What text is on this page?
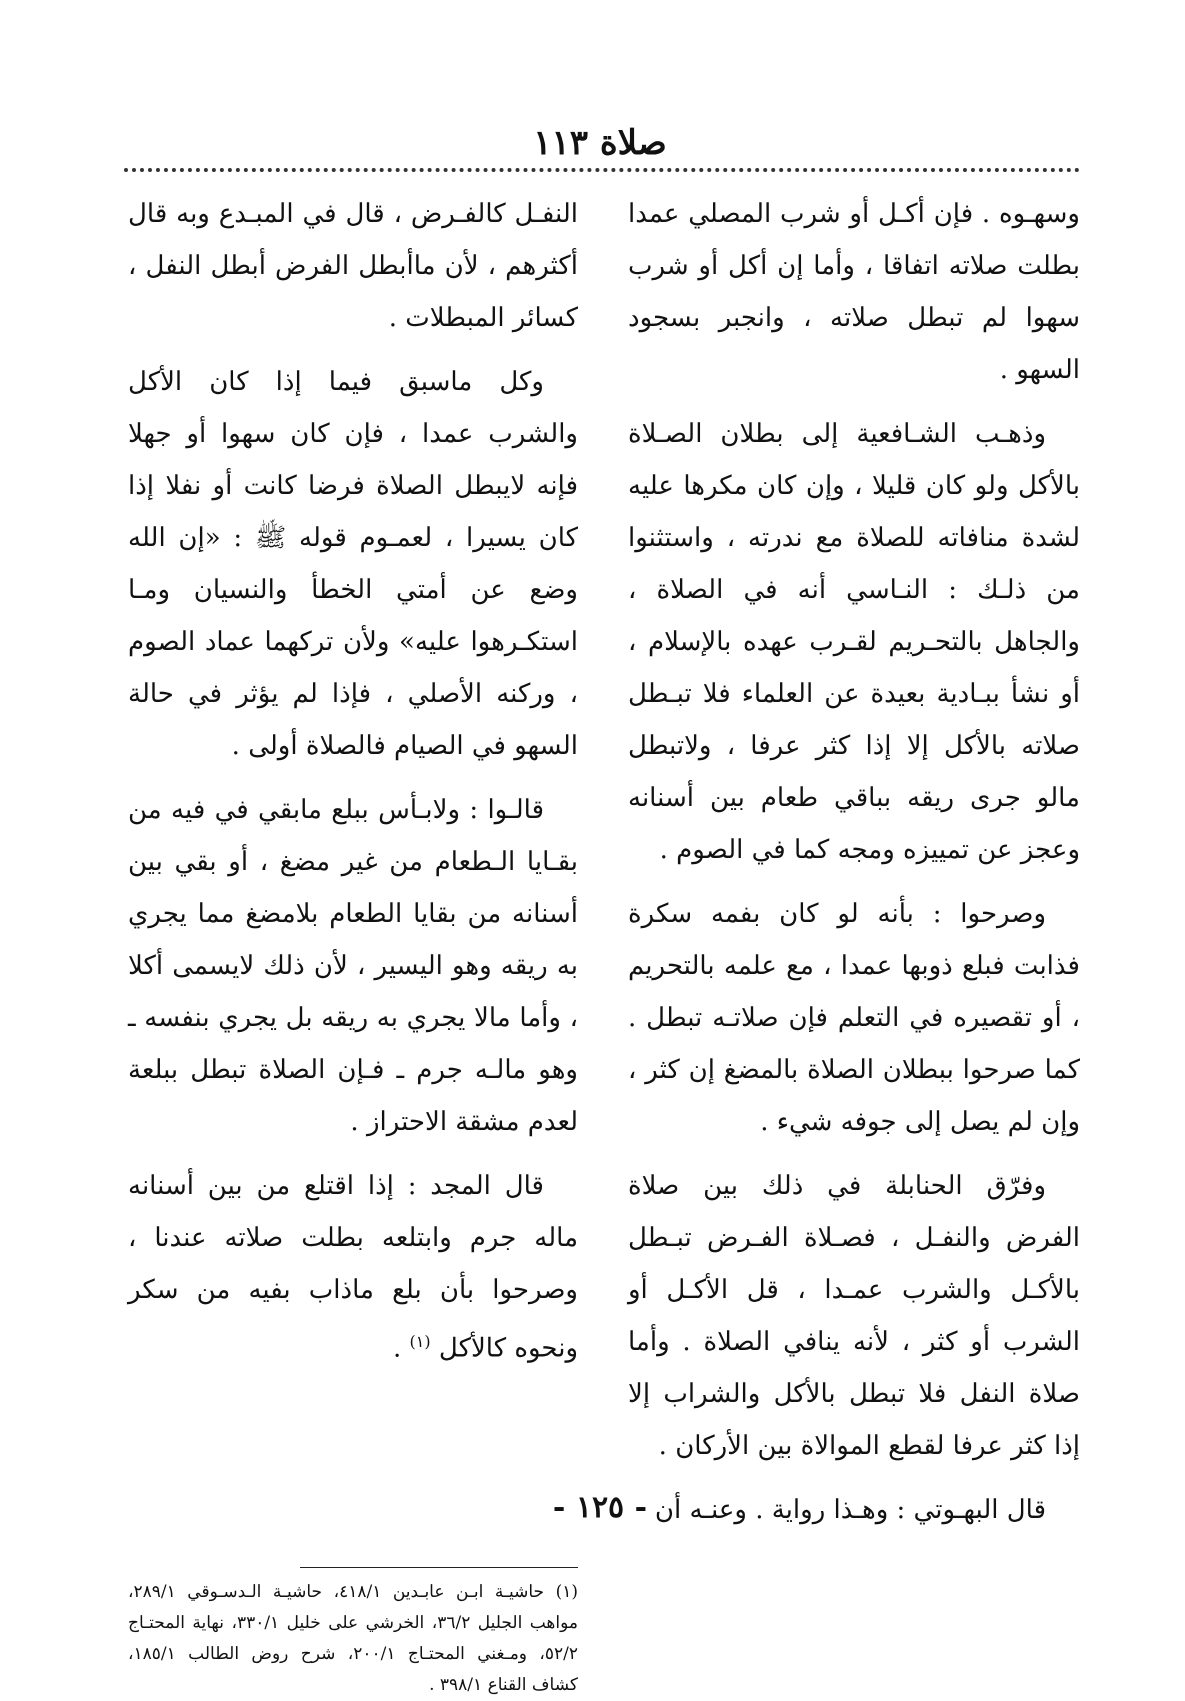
صلاة ١١٣

وسهـوه . فإن أكـل أو شرب المصلي عمدا بطلت صلاته اتفاقا ، وأما إن أكل أو شرب سهوا لم تبطل صلاته ، وانجبر بسجود السهو .

وذهـب الشـافعية إلى بطلان الصـلاة بالأكل ولو كان قليلا ، وإن كان مكرها عليه لشدة منافاته للصلاة مع ندرته ، واستثنوا من ذلـك : النـاسي أنه في الصلاة ، والجاهل بالتحـريم لقـرب عهده بالإسلام ، أو نشأ ببـادية بعيدة عن العلماء فلا تبـطل صلاته بالأكل إلا إذا كثر عرفا ، ولاتبطل مالو جرى ريقه بباقي طعام بين أسنانه وعجز عن تمييزه ومجه كما في الصوم .

وصرحوا : بأنه لو كان بفمه سكرة فذابت فبلع ذوبها عمدا ، مع علمه بالتحريم ، أو تقصيره في التعلم فإن صلاتـه تبطل . كما صرحوا ببطلان الصلاة بالمضغ إن كثر ، وإن لم يصل إلى جوفه شيء .

وفرّق الحنابلة في ذلك بين صلاة الفرض والنفـل ، فصـلاة الفـرض تبـطل بالأكـل والشرب عمـدا ، قل الأكـل أو الشرب أو كثر ، لأنه ينافي الصلاة . وأما صلاة النفل فلا تبطل بالأكل والشراب إلا إذا كثر عرفا لقطع الموالاة بين الأركان .

قال البهـوتي : وهـذا رواية . وعنـه أن

النفـل كالفـرض ، قال في المبـدع وبه قال أكثرهم ، لأن ماأبطل الفرض أبطل النفل ، كسائر المبطلات .

وكل ماسبق فيما إذا كان الأكل والشرب عمدا ، فإن كان سهوا أو جهلا فإنه لايبطل الصلاة فرضا كانت أو نفلا إذا كان يسيرا ، لعمـوم قوله ﷺ : «إن الله وضع عن أمتي الخطأ والنسيان ومـا استكـرهوا عليه» ولأن تركهما عماد الصوم ، وركنه الأصلي ، فإذا لم يؤثر في حالة السهو في الصيام فالصلاة أولى .

قالـوا : ولابـأس ببلع مابقي في فيه من بقـايا الـطعام من غير مضغ ، أو بقي بين أسنانه من بقايا الطعام بلامضغ مما يجري به ريقه وهو اليسير ، لأن ذلك لايسمى أكلا ، وأما مالا يجري به ريقه بل يجري بنفسه ـ وهو مالـه جرم ـ فـإن الصلاة تبطل ببلعة لعدم مشقة الاحتراز .

قال المجد : إذا اقتلع من بين أسنانه ماله جرم وابتلعه بطلت صلاته عندنا ، وصرحوا بأن بلع ماذاب بفيه من سكر ونحوه كالأكل $^{(١)}$ .

(١) حاشيـة ابـن عابـدين ٤١٨/١، حاشيـة الـدسـوقي ٢٨٩/١، مواهب الجليل ٣٦/٢، الخرشي على خليل ٣٣٠/١، نهاية المحتـاج ٥٢/٢، ومـغني المحتـاج ٢٠٠/١، شرح روض الطالب ١٨٥/١، كشاف القناع ٣٩٨/١ .

- ١٢٥ -
